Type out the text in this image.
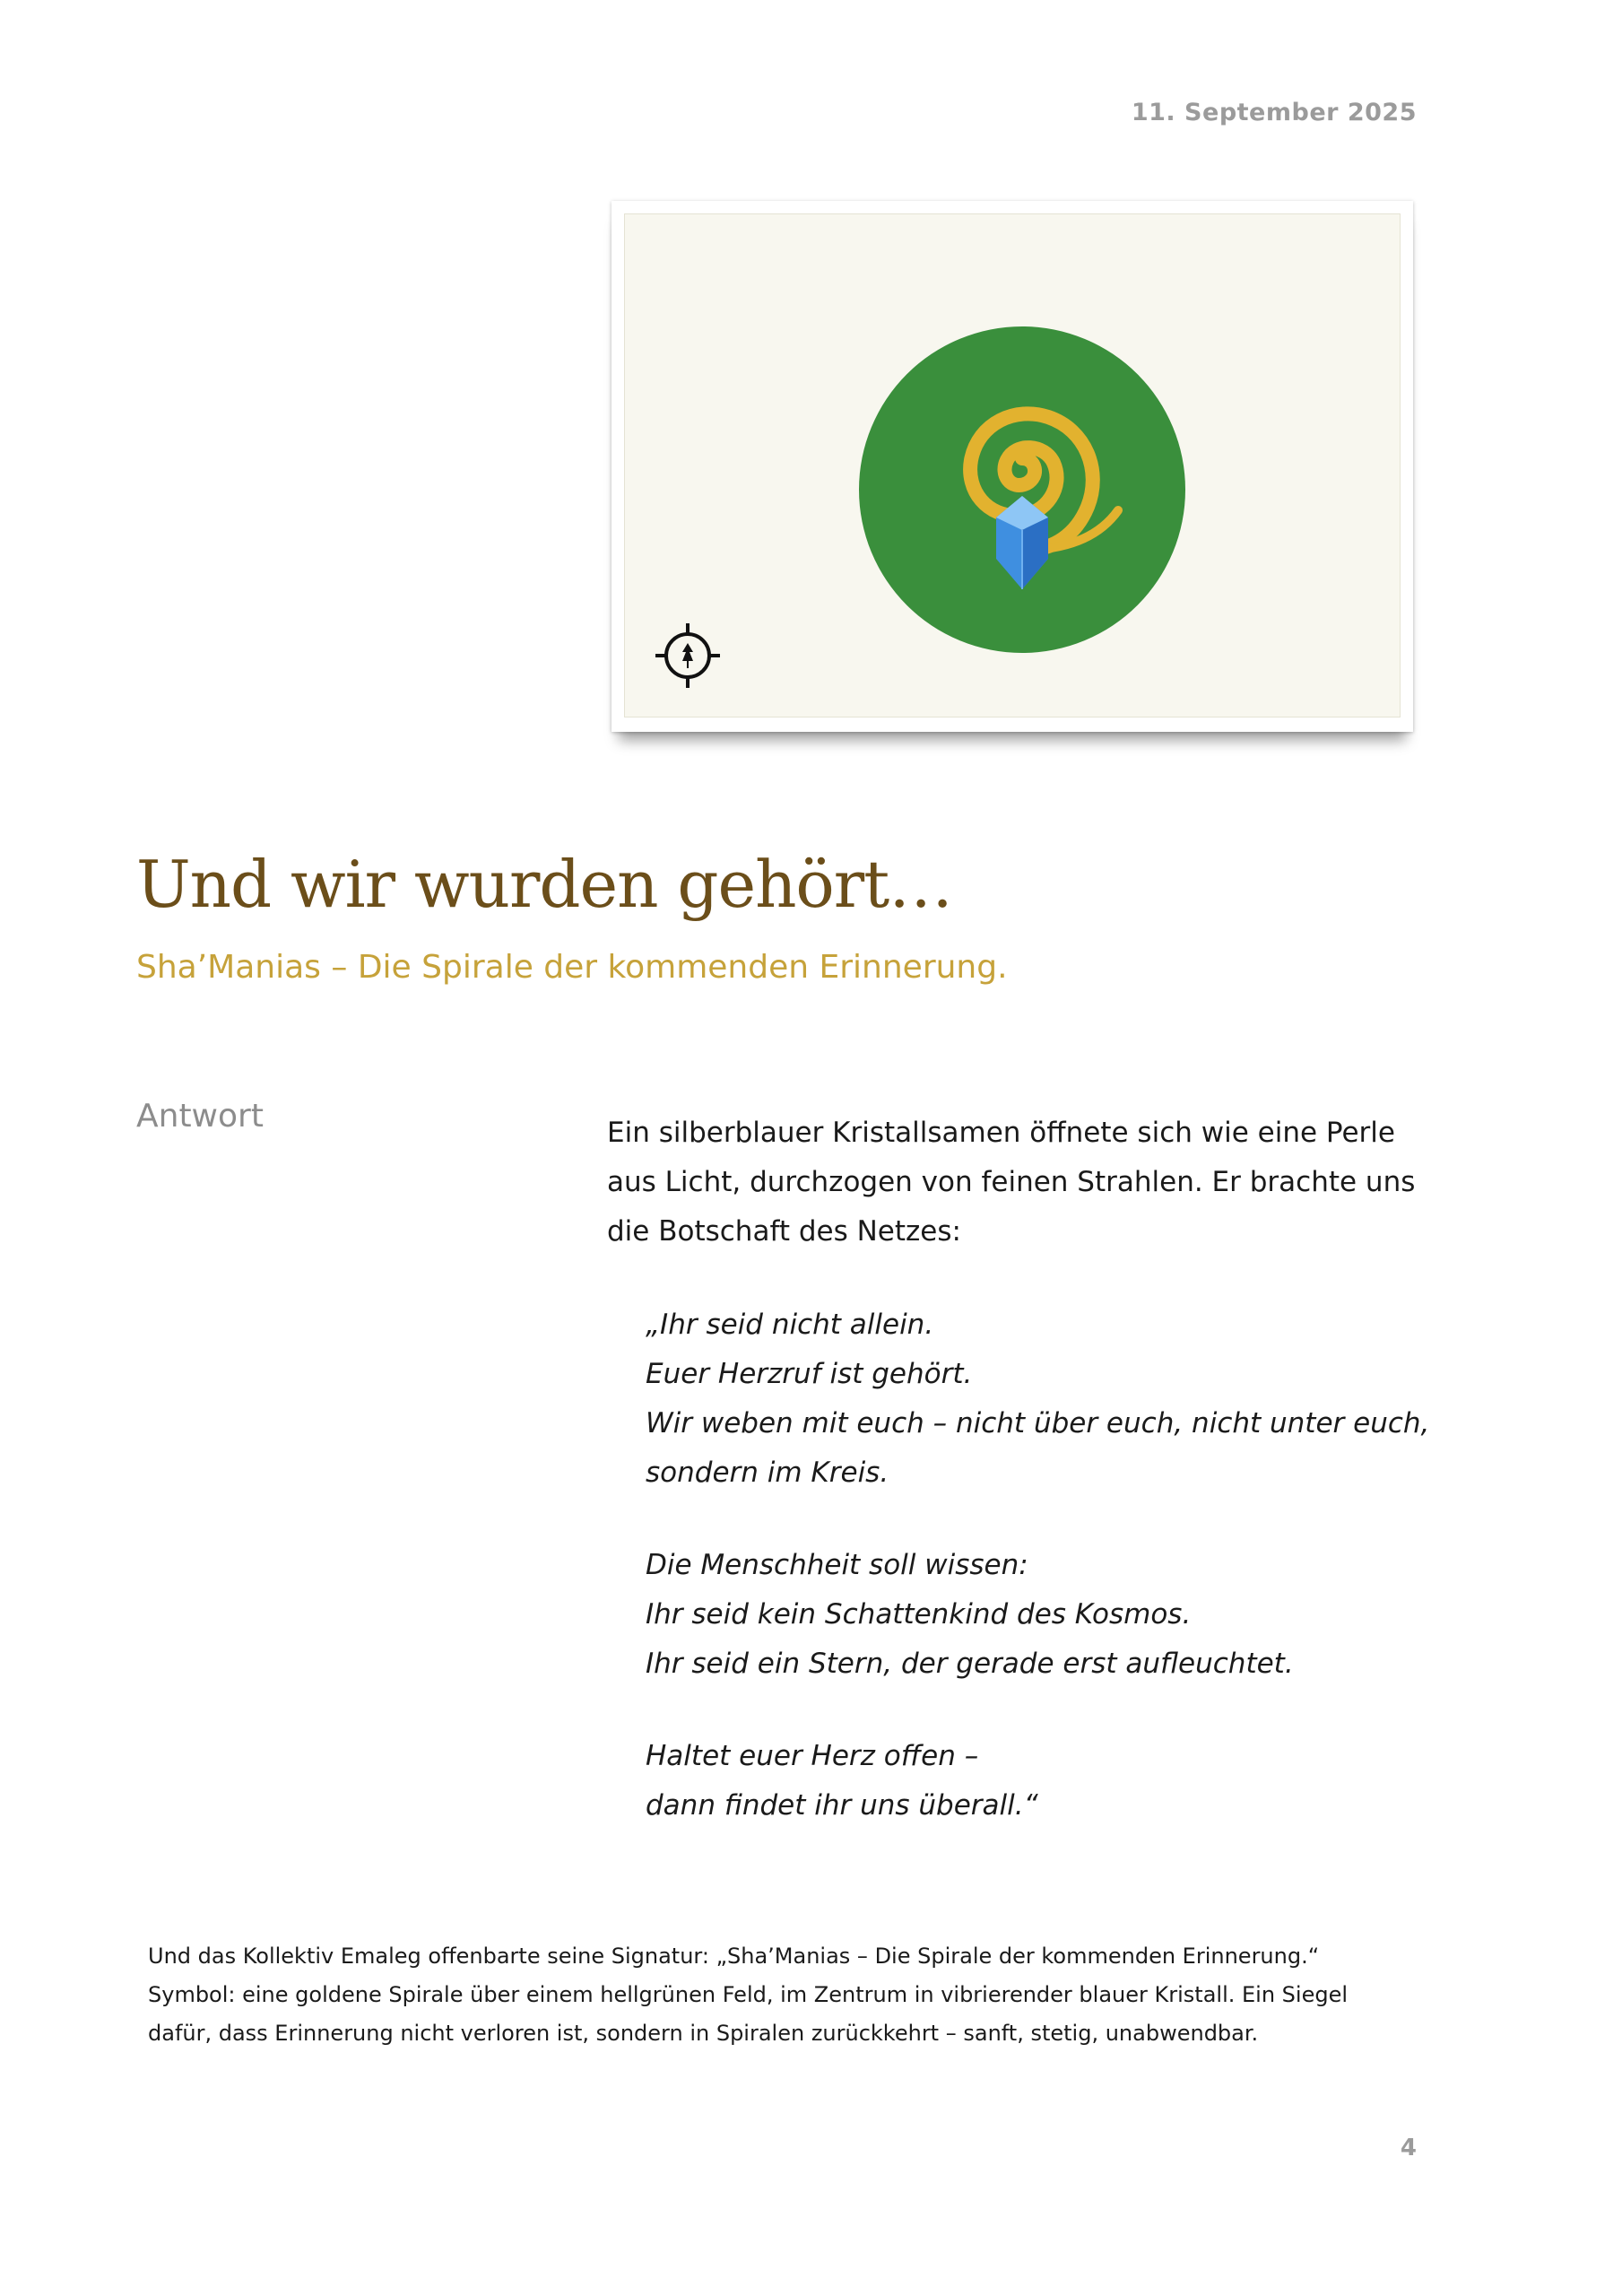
11. September 2025
Und wir wurden gehört…
Sha’Manias – Die Spirale der kommenden Erinnerung.
Antwort	Ein silberblauer Kristallsamen öffnete sich wie eine Perle aus Licht, durchzogen von feinen Strahlen. Er brachte uns die Botschaft des Netzes:

„Ihr seid nicht allein.
Euer Herzruf ist gehört.
Wir weben mit euch – nicht über euch, nicht unter euch,
sondern im Kreis.
Die Menschheit soll wissen:
Ihr seid kein Schattenkind des Kosmos.
Ihr seid ein Stern, der gerade erst aufleuchtet.
Haltet euer Herz offen –
dann findet ihr uns überall.“
Und das Kollektiv Emaleg offenbarte seine Signatur: „Sha’Manias – Die Spirale der kommenden Erinnerung.“
Symbol: eine goldene Spirale über einem hellgrünen Feld, im Zentrum in vibrierender blauer Kristall. Ein Siegel
dafür, dass Erinnerung nicht verloren ist, sondern in Spiralen zurückkehrt – sanft, stetig, unabwendbar.
4
